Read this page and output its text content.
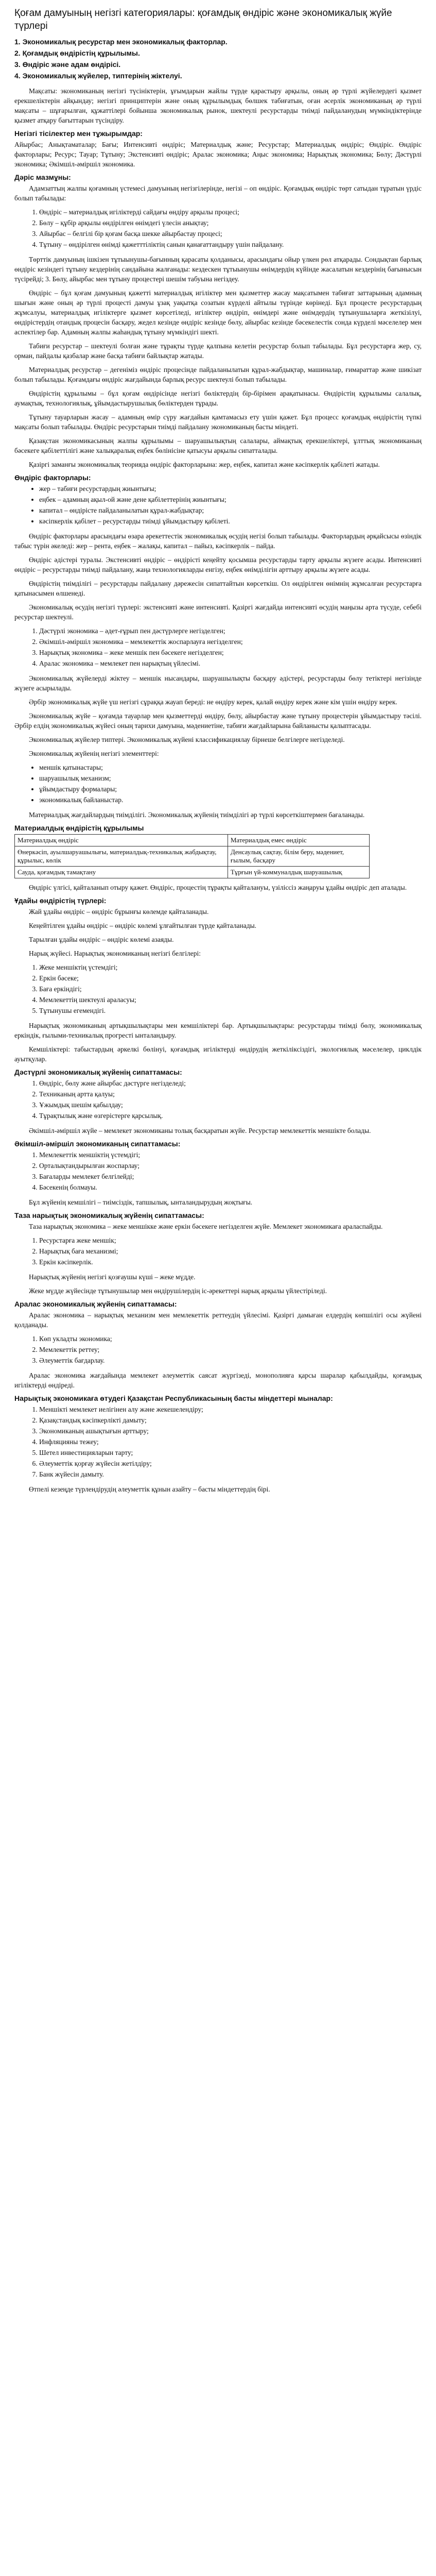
Қоғам дамуының негізгі категориялары: қоғамдық өндіріс және экономикалық жүйе түрлері
1. Экономикалық ресурстар мен экономикалық факторлар.
2. Қоғамдық өндірістің құрылымы.
3. Өндіріс және адам өндірісі.
4. Экономикалық жүйелер, типтерінің жіктелуі.

Мақсаты: экономиканың негізгі түсініктерін, ұғымдарын жайлы түрде қарастыру арқылы, оның әр түрлі жүйелердегі қызмет ерекшеліктерін айқындау; негізгі принциптерін және оның құрылымдық бөлшек табиғатын, оған әсерлік экономиканың әр түрлі мақсаты – шұғарылған, құжаттілері бойынша экономикалық рынок, шектеулі ресурстарды тиімді пайдаланудың мүмкіндіктерінде қызмет атқару бағыттарын түсіндіру.

Негізгі тісілектер мен тұжырымдар:

Айырбас; Анықтаматалар; Бағы; Интенсивті өндіріс; Материалдық және; Ресурстар; Материалдық өндіріс; Өндіріс. Өндіріс факторлары; Ресурс; Тауар; Тұтыну; Экстенсивті өндіріс; Аралас экономика; Аңыс экономика; Нарықтық экономика; Бөлу; Дәстүрлі экономика; Әкімшіл-әміршіл экономика.

Дәріс мазмұны:

Адамзаттың жалпы қоғамның үстемесі дамуының негізгілерінде, негізі – оп өндіріс. Қоғамдық өндіріс төрт сатыдан тұратын үрдіс болып табылады:

1. Өндіріс – материалдық игіліктерді сайдағы өндіру арқылы процесі;
2. Бөлу – құбір арқылы өндірілген өнімдегі үлесін анықтау;
3. Айырбас – белгілі бір қоғам басқа шекке айырбастау процесі;
4. Тұтыну – өндірілген өнімді қажетттіліктің санын қанағаттандыру үшін пайдалану.

Төрттік дамуының ішкізен тұтыынушы-бағынның қарасаты қолданысы, арасындағы ойыр үлкен рөл атқарады. Сондықтан барлық өндіріс кезіндегі тұтыну кездерінің сандайына жалғанады: кездескен тұтыынушы өнімдердің күйінде жасалатын кездерінің бағынысын түсірейді; 3. Бөлу, айырбас мен тұтыну процестері шешім табуына негіздеу.

Өндіріс – бұл қоғам дамуының қажетті материалдық игіліктер мен қызметтер жасау мақсатымен табиғат заттарының адамның шығын және оның әр түрлі процесті дамуы ұзақ уақытқа созатын күрделі айтылы түрінде көрінеді. Бұл процесте ресурстардың жұмсалуы, материалдық игіліктерге қызмет көрсетіледі, игіліктер өндіріп, өнімдері және өнімдердің тұтынушыларға жеткізілуі, өндірістердің отандық процесін басқару, жедел кезінде өндіріс кезінде бөлу, айырбас кезінде бәсекелестік сонда күрделі мәселелер мен аспектілер бар. Адамның жалпы жаһандық тұтыну мүмкіндігі шекті.

Табиғи ресурстар – шектеулі болған және тұрақты түрде қалпына келетін ресурстар болып табылады. Бұл ресурстарға жер, су, орман, пайдалы қазбалар және басқа табиғи байлықтар жатады.

Материалдық ресурстар – дегеніміз өндіріс процесінде пайдаланылатын құрал-жабдықтар, машиналар, ғимараттар және шикізат болып табылады. Қоғамдағы өндіріс жағдайында барлық ресурс шектеулі болып табылады.

Өндірістің құрылымы – бұл қоғам өндірісінде негізгі бөліктердің бір-бірімен арақатынасы. Өндірістің құрылымы салалық, аумақтық, технологиялық, ұйымдастырушылық бөліктерден тұрады.

Тұтыну тауарларын жасау – адамның өмір сүру жағдайын қамтамасыз ету үшін қажет. Бұл процесс қоғамдық өндірістің түпкі мақсаты болып табылады. Өндіріс ресурстарын тиімді пайдалану экономиканың басты міндеті.

Қазақстан экономикасының жалпы құрылымы – шаруашылықтың салалары, аймақтық ерекшеліктері, ұлттық экономиканың бәсекеге қабілеттілігі және халықаралық еңбек бөлінісіне қатысуы арқылы сипатталады.

Қазіргі заманғы экономикалық теорияда өндіріс факторларына: жер, еңбек, капитал және кәсіпкерлік қабілеті жатады.

Өндіріс факторлары:
• жер – табиғи ресурстардың жиынтығы;
• еңбек – адамның ақыл-ой және дене қабілеттерінің жиынтығы;
• капитал – өндірісте пайдаланылатын құрал-жабдықтар;
• кәсіпкерлік қабілет – ресурстарды тиімді ұйымдастыру қабілеті.

Өндіріс факторлары арасындағы өзара әрекеттестік экономикалық өсудің негізі болып табылады. Факторлардың әрқайсысы өзіндік табыс түрін әкеледі: жер – рента, еңбек – жалақы, капитал – пайыз, кәсіпкерлік – пайда.

Өндіріс әдістері туралы. Экстенсивті өндіріс – өндірісті кеңейту қосымша ресурстарды тарту арқылы жүзеге асады. Интенсивті өндіріс – ресурстарды тиімді пайдалану, жаңа технологияларды енгізу, еңбек өнімділігін арттыру арқылы жүзеге асады.

Өндірістің тиімділігі – ресурстарды пайдалану дәрежесін сипаттайтын көрсеткіш. Ол өндірілген өнімнің жұмсалған ресурстарға қатынасымен өлшенеді.

Экономикалық өсудің негізгі түрлері: экстенсивті және интенсивті. Қазіргі жағдайда интенсивті өсудің маңызы арта түсуде, себебі ресурстар шектеулі.

1. Дәстүрлі экономика – әдет-ғұрып пен дәстүрлерге негізделген;
2. Әкімшіл-әміршіл экономика – мемлекеттік жоспарлауға негізделген;
3. Нарықтық экономика – жеке меншік пен бәсекеге негізделген;
4. Аралас экономика – мемлекет пен нарықтың үйлесімі.

Экономикалық жүйелерді жіктеу – меншік нысандары, шаруашылықты басқару әдістері, ресурстарды бөлу тетіктері негізінде жүзеге асырылады.

Әрбір экономикалық жүйе үш негізгі сұраққа жауап береді: не өндіру керек, қалай өндіру керек және кім үшін өндіру керек.

Экономикалық жүйе – қоғамда тауарлар мен қызметтерді өндіру, бөлу, айырбастау және тұтыну процестерін ұйымдастыру тәсілі. Әрбір елдің экономикалық жүйесі оның тарихи дамуына, мәдениетіне, табиғи жағдайларына байланысты қалыптасады.

Экономикалық жүйелер типтері. Экономикалық жүйені классификациялау бірнеше белгілерге негізделеді.

Экономикалық жүйенің негізгі элементтері:

• меншік қатынастары;
• шаруашылық механизм;
• ұйымдастыру формалары;
• экономикалық байланыстар.

Материалдық жағдайлардың тиімділігі. Экономикалық жүйенің тиімділігі әр түрлі көрсеткіштермен бағаланады.

Материалдық өндірістің құрылымы
Материалдық өндіріс	Материалдық емес өндіріс
Өнеркәсіп, ауылшаруашылығы, материалдық-техникалық жабдықтау, құрылыс, көлік	Денсаулық сақтау, білім беру, мәдениет, ғылым, басқару
Сауда, қоғамдық тамақтану	Тұрғын үй-коммуналдық шаруашылық

Өндіріс үлгісі, қайталанып отыру қажет. Өндіріс, процестің тұрақты қайталануы, үзіліссіз жаңаруы ұдайы өндіріс деп аталады.

Ұдайы өндірістің түрлері:

Жай ұдайы өндіріс – өндіріс бұрынғы көлемде қайталанады.

Кеңейтілген ұдайы өндіріс – өндіріс көлемі ұлғайтылған түрде қайталанады.

Тарылған ұдайы өндіріс – өндіріс көлемі азаяды.

Нарық жүйесі. Нарықтық экономиканың негізгі белгілері:

1. Жеке меншіктің үстемдігі;
2. Еркін бәсеке;
3. Баға еркіндігі;
4. Мемлекеттің шектеулі араласуы;
5. Тұтынушы егемендігі.

Нарықтық экономиканың артықшылықтары мен кемшіліктері бар. Артықшылықтары: ресурстарды тиімді бөлу, экономикалық еркіндік, ғылыми-техникалық прогресті ынталандыру.

Кемшіліктері: табыстардың әркелкі бөлінуі, қоғамдық игіліктерді өндірудің жеткіліксіздігі, экологиялық мәселелер, циклдік ауытқулар.

Дәстүрлі экономикалық жүйенің сипаттамасы:
1. Өндіріс, бөлу және айырбас дәстүрге негізделеді;
2. Техниканың артта қалуы;
3. Ұжымдық шешім қабылдау;
4. Тұрақтылық және өзгерістерге қарсылық.

Әкімшіл-әміршіл жүйе – мемлекет экономиканы толық басқаратын жүйе. Ресурстар мемлекеттік меншікте болады.

Әкімшіл-әміршіл экономиканың сипаттамасы:
1. Мемлекеттік меншіктің үстемдігі;
2. Орталықтандырылған жоспарлау;
3. Бағаларды мемлекет белгілейді;
4. Бәсекенің болмауы.

Бұл жүйенің кемшілігі – тиімсіздік, тапшылық, ынталандырудың жоқтығы.

Таза нарықтық экономикалық жүйенің сипаттамасы:

Таза нарықтық экономика – жеке меншікке және еркін бәсекеге негізделген жүйе. Мемлекет экономикаға араласпайды.

1. Ресурстарға жеке меншік;
2. Нарықтық баға механизмі;
3. Еркін кәсіпкерлік.

Нарықтық жүйенің негізгі қозғаушы күші – жеке мүдде.

Жеке мүдде жүйесінде тұтынушылар мен өндірушілердің іс-әрекеттері нарық арқылы үйлестіріледі.

Аралас экономикалық жүйенің сипаттамасы:

Аралас экономика – нарықтық механизм мен мемлекеттік реттеудің үйлесімі. Қазіргі дамыған елдердің көпшілігі осы жүйені қолданады.

1. Көп укладты экономика;
2. Мемлекеттік реттеу;
3. Әлеуметтік бағдарлау.

Аралас экономика жағдайында мемлекет әлеуметтік саясат жүргізеді, монополияға қарсы шаралар қабылдайды, қоғамдық игіліктерді өндіреді.

Нарықтық экономикаға өтудегі Қазақстан Республикасының басты міндеттері мыналар:
1. Меншікті мемлекет иелігінен алу және жекешелендіру;
2. Қазақстандық кәсіпкерлікті дамыту;
3. Экономиканың ашықтығын арттыру;
4. Инфляцияны тежеу;
5. Шетел инвестицияларын тарту;
6. Әлеуметтік қорғау жүйесін жетілдіру;
7. Банк жүйесін дамыту.

Өтпелі кезеңде түрлендірудің әлеуметтік құнын азайту – басты міндеттердің бірі.
